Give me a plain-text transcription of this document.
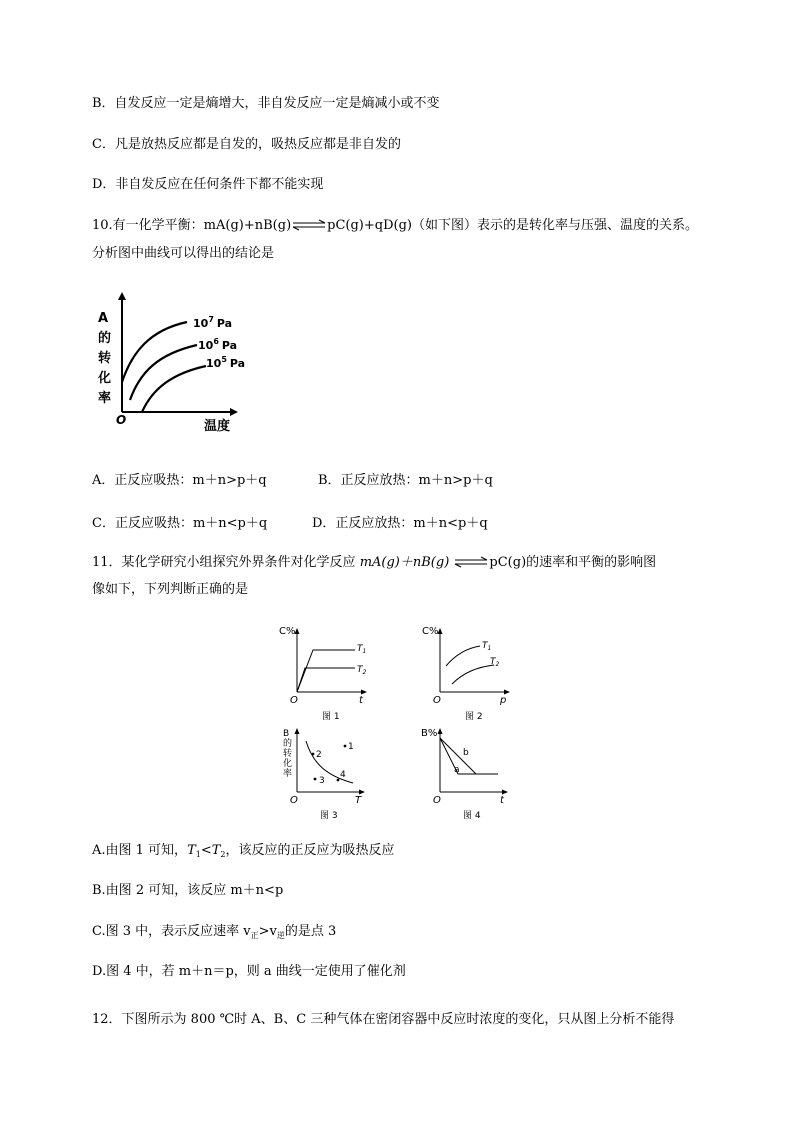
B．自发反应一定是熵增大，非自发反应一定是熵减小或不变
C．凡是放热反应都是自发的，吸热反应都是非自发的
D．非自发反应在任何条件下都不能实现
10.有一化学平衡：mA(g)+nB(g)⇌pC(g)+qD(g)（如下图）表示的是转化率与压强、温度的关系。
分析图中曲线可以得出的结论是
A
的
转
化
率
O	温度
$10^7$ Pa
$10^6$ Pa
$10^5$ Pa
A．正反应吸热：m＋n>p＋q	B．正反应放热：m＋n>p＋q
C．正反应吸热：m＋n<p＋q	D．正反应放热：m＋n<p＋q
11．某化学研究小组探究外界条件对化学反应 mA(g)＋nB(g) ⇌pC(g)的速率和平衡的影响图
像如下，下列判断正确的是
C%
O	t
$T_1$
$T_2$
图 1
C%
O	p
$T_1$
$T_2$
图 2
B
的
转
化
率
O	T
1
2
3
4
图 3
B%
O	t
b
a
图 4
A.由图 1 可知，$T_1<T_2$，该反应的正反应为吸热反应
B.由图 2 可知，该反应 m＋n<p
C.图 3 中，表示反应速率 $v_正>v_逆$的是点 3
D.图 4 中，若 m＋n＝p，则 a 曲线一定使用了催化剂
12．下图所示为 800 ℃时 A、B、C 三种气体在密闭容器中反应时浓度的变化，只从图上分析不能得
